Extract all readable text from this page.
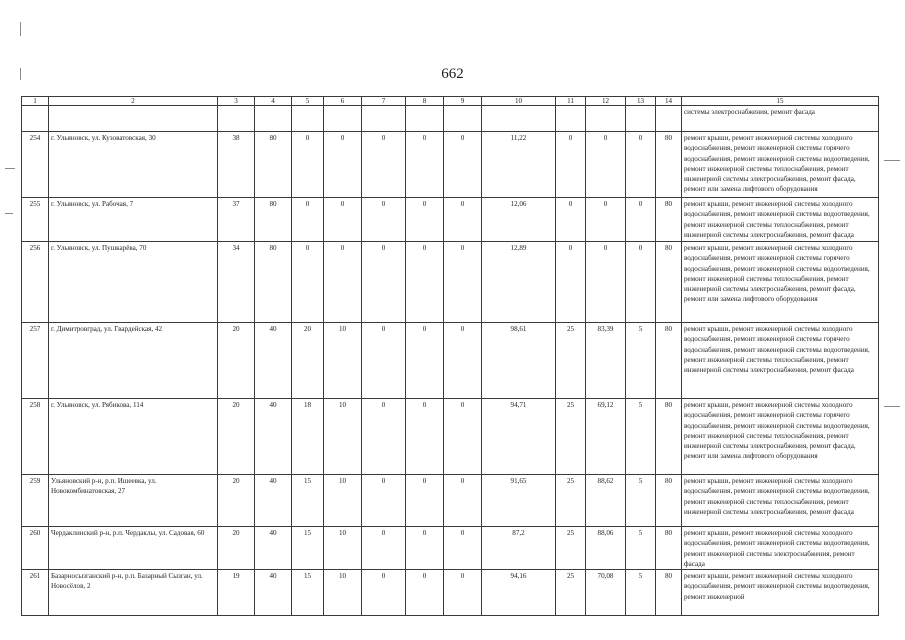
662
1	2	3	4	5	6	7	8	9	10	11	12	13	14	15
														системы электроснабжения, ремонт фасада
254	г. Ульяновск, ул. Кузоватовская, 30	38	80	0	0	0	0	0	11,22	0	0	0	80	ремонт крыши, ремонт инженерной системы холодного водоснабжения, ремонт инженерной системы горячего водоснабжения, ремонт инженерной системы водоотведения, ремонт инженерной системы теплоснабжения, ремонт инженерной системы электроснабжения, ремонт фасада, ремонт или замена лифтового оборудования
255	г. Ульяновск, ул. Рабочая, 7	37	80	0	0	0	0	0	12,06	0	0	0	80	ремонт крыши, ремонт инженерной системы холодного водоснабжения, ремонт инженерной системы водоотведения, ремонт инженерной системы теплоснабжения, ремонт инженерной системы электроснабжения, ремонт фасада
256	г. Ульяновск, ул. Пушкарёва, 70	34	80	0	0	0	0	0	12,89	0	0	0	80	ремонт крыши, ремонт инженерной системы холодного водоснабжения, ремонт инженерной системы горячего водоснабжения, ремонт инженерной системы водоотведения, ремонт инженерной системы теплоснабжения, ремонт инженерной системы электроснабжения, ремонт фасада, ремонт или замена лифтового оборудования
257	г. Димитровград, ул. Гвардейская, 42	20	40	20	10	0	0	0	98,61	25	83,39	5	80	ремонт крыши, ремонт инженерной системы холодного водоснабжения, ремонт инженерной системы горячего водоснабжения, ремонт инженерной системы водоотведения, ремонт инженерной системы теплоснабжения, ремонт инженерной системы электроснабжения, ремонт фасада
258	г. Ульяновск, ул. Рябикова, 114	20	40	18	10	0	0	0	94,71	25	69,12	5	80	ремонт крыши, ремонт инженерной системы холодного водоснабжения, ремонт инженерной системы горячего водоснабжения, ремонт инженерной системы водоотведения, ремонт инженерной системы теплоснабжения, ремонт инженерной системы электроснабжения, ремонт фасада, ремонт или замена лифтового оборудования
259	Ульяновский р-н, р.п. Ишеевка, ул. Новокомбинатовская, 27	20	40	15	10	0	0	0	91,65	25	88,62	5	80	ремонт крыши, ремонт инженерной системы холодного водоснабжения, ремонт инженерной системы водоотведения, ремонт инженерной системы теплоснабжения, ремонт инженерной системы электроснабжения, ремонт фасада
260	Чердаклинский р-н, р.п. Чердаклы, ул. Садовая, 60	20	40	15	10	0	0	0	87,2	25	88,06	5	80	ремонт крыши, ремонт инженерной системы холодного водоснабжения, ремонт инженерной системы водоотведения, ремонт инженерной системы электроснабжения, ремонт фасада
261	Базарносызганский р-н, р.п. Базарный Сызган, ул. Новосёлов, 2	19	40	15	10	0	0	0	94,16	25	70,08	5	80	ремонт крыши, ремонт инженерной системы холодного водоснабжения, ремонт инженерной системы водоотведения, ремонт инженерной
